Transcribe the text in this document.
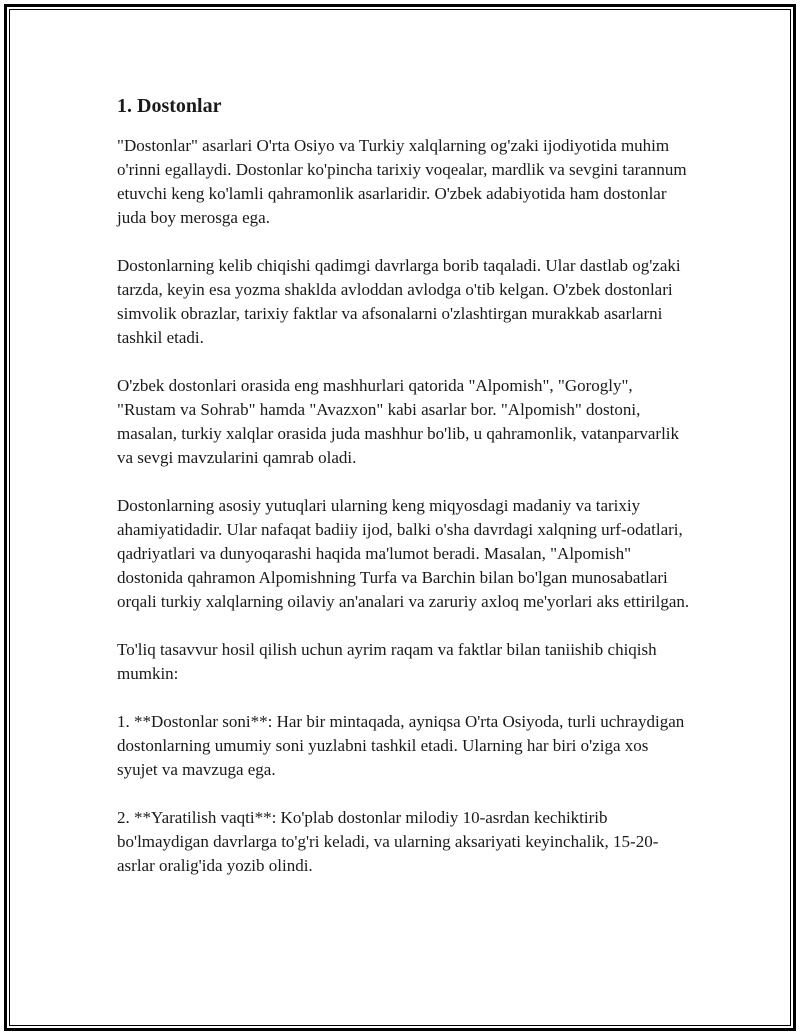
1. Dostonlar

"Dostonlar" asarlari O'rta Osiyo va Turkiy xalqlarning og'zaki ijodiyotida muhim o'rinni egallaydi. Dostonlar ko'pincha tarixiy voqealar, mardlik va sevgini tarannum etuvchi keng ko'lamli qahramonlik asarlaridir. O'zbek adabiyotida ham dostonlar juda boy merosga ega.

Dostonlarning kelib chiqishi qadimgi davrlarga borib taqaladi. Ular dastlab og'zaki tarzda, keyin esa yozma shaklda avloddan avlodga o'tib kelgan. O'zbek dostonlari simvolik obrazlar, tarixiy faktlar va afsonalarni o'zlashtirgan murakkab asarlarni tashkil etadi.

O'zbek dostonlari orasida eng mashhurlari qatorida "Alpomish", "Gorogly", "Rustam va Sohrab" hamda "Avazxon" kabi asarlar bor. "Alpomish" dostoni, masalan, turkiy xalqlar orasida juda mashhur bo'lib, u qahramonlik, vatanparvarlik va sevgi mavzularini qamrab oladi.

Dostonlarning asosiy yutuqlari ularning keng miqyosdagi madaniy va tarixiy ahamiyatidadir. Ular nafaqat badiiy ijod, balki o'sha davrdagi xalqning urf-odatlari, qadriyatlari va dunyoqarashi haqida ma'lumot beradi. Masalan, "Alpomish" dostonida qahramon Alpomishning Turfa va Barchin bilan bo'lgan munosabatlari orqali turkiy xalqlarning oilaviy an'analari va zaruriy axloq me'yorlari aks ettirilgan.

To'liq tasavvur hosil qilish uchun ayrim raqam va faktlar bilan taniishib chiqish mumkin:

1. **Dostonlar soni**: Har bir mintaqada, ayniqsa O'rta Osiyoda, turli uchraydigan dostonlarning umumiy soni yuzlabni tashkil etadi. Ularning har biri o'ziga xos syujet va mavzuga ega.

2. **Yaratilish vaqti**: Ko'plab dostonlar milodiy 10-asrdan kechiktirib bo'lmaydigan davrlarga to'g'ri keladi, va ularning aksariyati keyinchalik, 15-20-asrlar oralig'ida yozib olindi.
